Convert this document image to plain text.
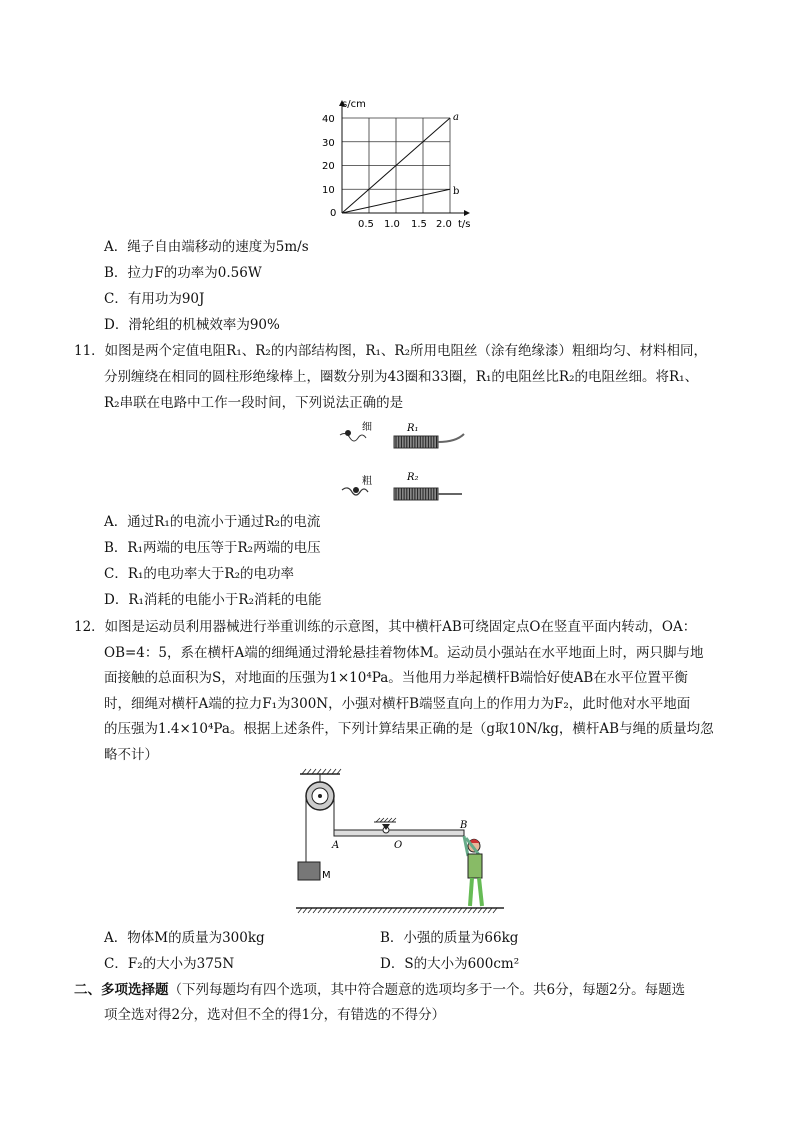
s/cm
t/s
40
30
20
10
0
0.5 1.0 1.5 2.0
a
b
A．绳子自由端移动的速度为5m/s
B．拉力F的功率为0.56W
C．有用功为90J
D．滑轮组的机械效率为90%
11．如图是两个定值电阻R₁、R₂的内部结构图，R₁、R₂所用电阻丝（涂有绝缘漆）粗细均匀、材料相同，
分别缠绕在相同的圆柱形绝缘棒上，圈数分别为43圈和33圈，R₁的电阻丝比R₂的电阻丝细。将R₁、
R₂串联在电路中工作一段时间，下列说法正确的是
细	R₁
粗	R₂
A．通过R₁的电流小于通过R₂的电流
B．R₁两端的电压等于R₂两端的电压
C．R₁的电功率大于R₂的电功率
D．R₁消耗的电能小于R₂消耗的电能
12．如图是运动员利用器械进行举重训练的示意图，其中横杆AB可绕固定点O在竖直平面内转动，OA：
OB=4：5，系在横杆A端的细绳通过滑轮悬挂着物体M。运动员小强站在水平地面上时，两只脚与地
面接触的总面积为S，对地面的压强为1×10⁴Pa。当他用力举起横杆B端恰好使AB在水平位置平衡
时，细绳对横杆A端的拉力F₁为300N，小强对横杆B端竖直向上的作用力为F₂，此时他对水平地面
的压强为1.4×10⁴Pa。根据上述条件，下列计算结果正确的是（g取10N/kg，横杆AB与绳的质量均忽
略不计）
M
A
B
O
A．物体M的质量为300kg	B．小强的质量为66kg
C．F₂的大小为375N	D．S的大小为600cm²
二、多项选择题（下列每题均有四个选项，其中符合题意的选项均多于一个。共6分，每题2分。每题选
项全选对得2分，选对但不全的得1分，有错选的不得分）
